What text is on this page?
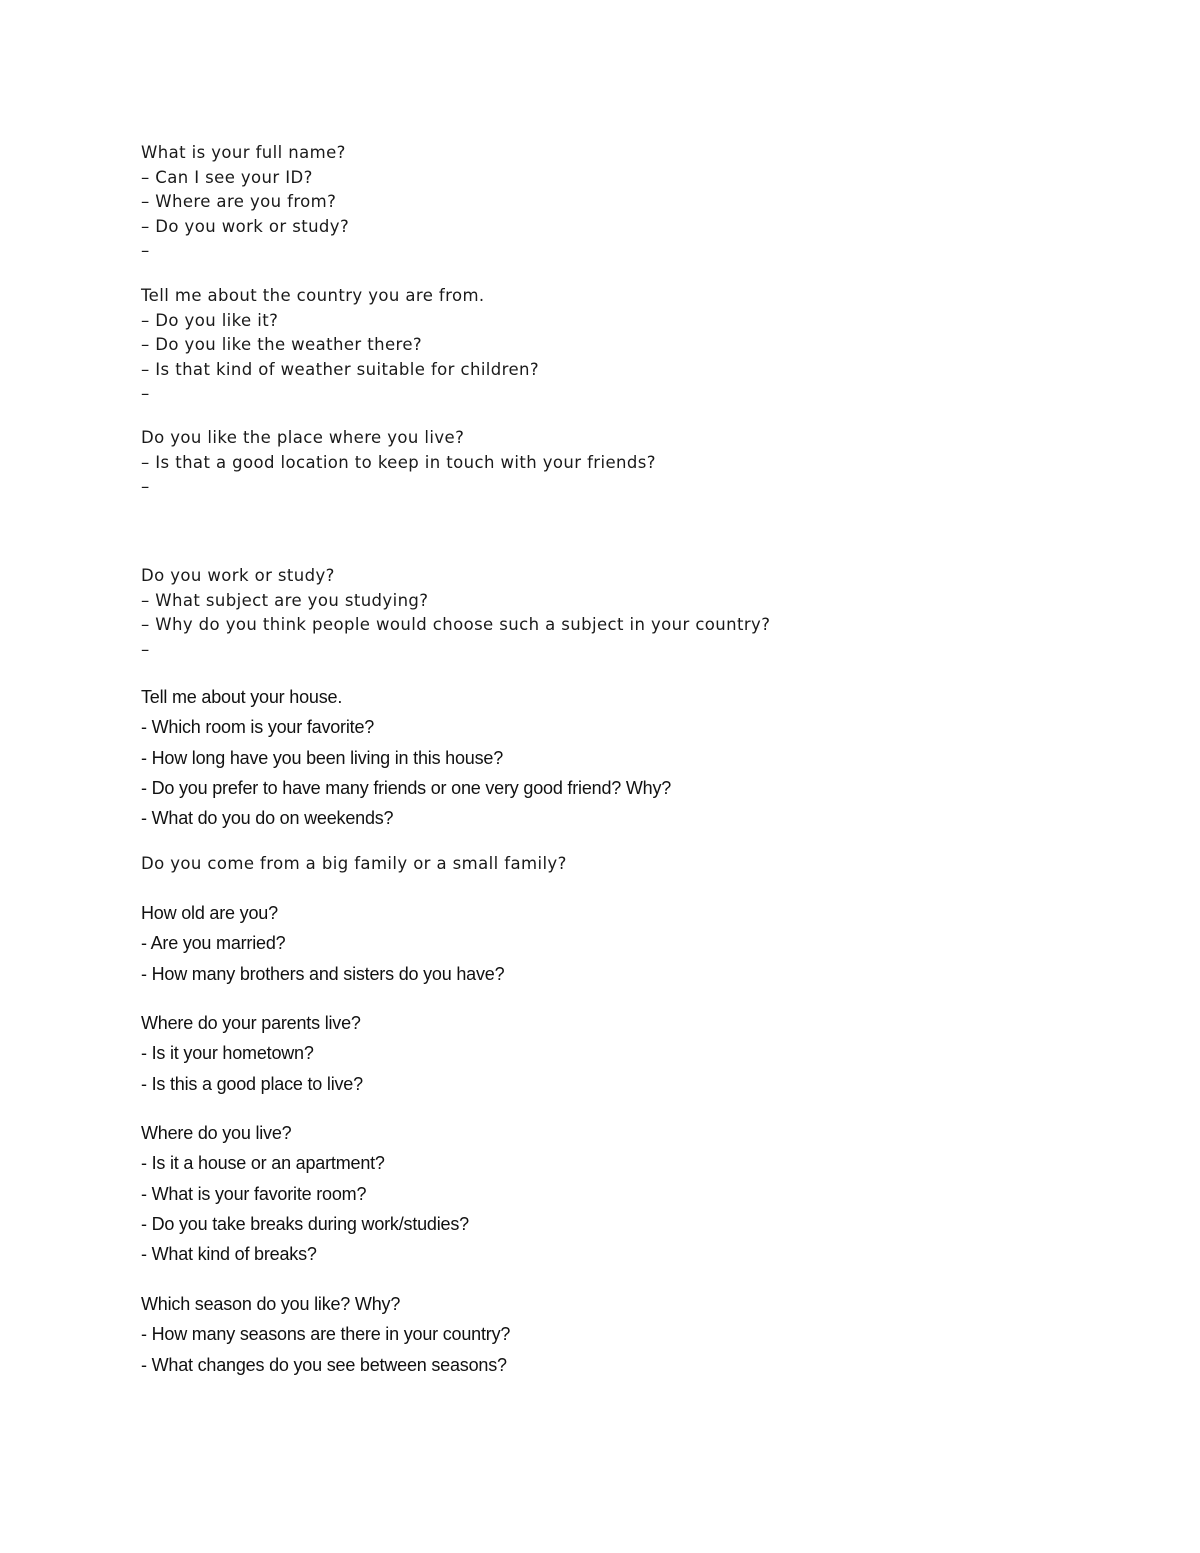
What is your full name?
– Can I see your ID?
– Where are you from?
– Do you work or study?
–
Tell me about the country you are from.
– Do you like it?
– Do you like the weather there?
– Is that kind of weather suitable for children?
–
Do you like the place where you live?
– Is that a good location to keep in touch with your friends?
–
Do you work or study?
– What subject are you studying?
– Why do you think people would choose such a subject in your country?
–
Tell me about your house.
- Which room is your favorite?
- How long have you been living in this house?
- Do you prefer to have many friends or one very good friend? Why?
- What do you do on weekends?
Do you come from a big family or a small family?
How old are you?
- Are you married?
- How many brothers and sisters do you have?
Where do your parents live?
- Is it your hometown?
- Is this a good place to live?
Where do you live?
- Is it a house or an apartment?
- What is your favorite room?
- Do you take breaks during work/studies?
- What kind of breaks?
Which season do you like? Why?
- How many seasons are there in your country?
- What changes do you see between seasons?
